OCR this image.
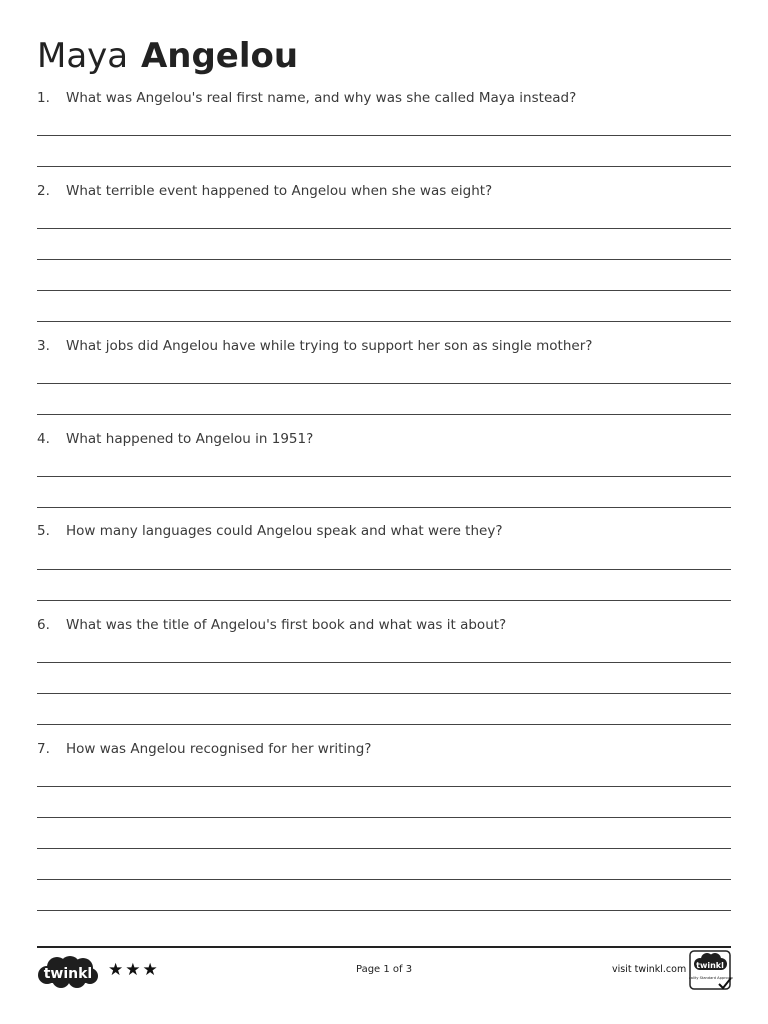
Maya Angelou
1. What was Angelou's real first name, and why was she called Maya instead?
2. What terrible event happened to Angelou when she was eight?
3. What jobs did Angelou have while trying to support her son as single mother?
4. What happened to Angelou in 1951?
5. How many languages could Angelou speak and what were they?
6. What was the title of Angelou's first book and what was it about?
7. How was Angelou recognised for her writing?
twinkl ★★★	Page 1 of 3	visit twinkl.com twinkl
Quality Standard Approved
